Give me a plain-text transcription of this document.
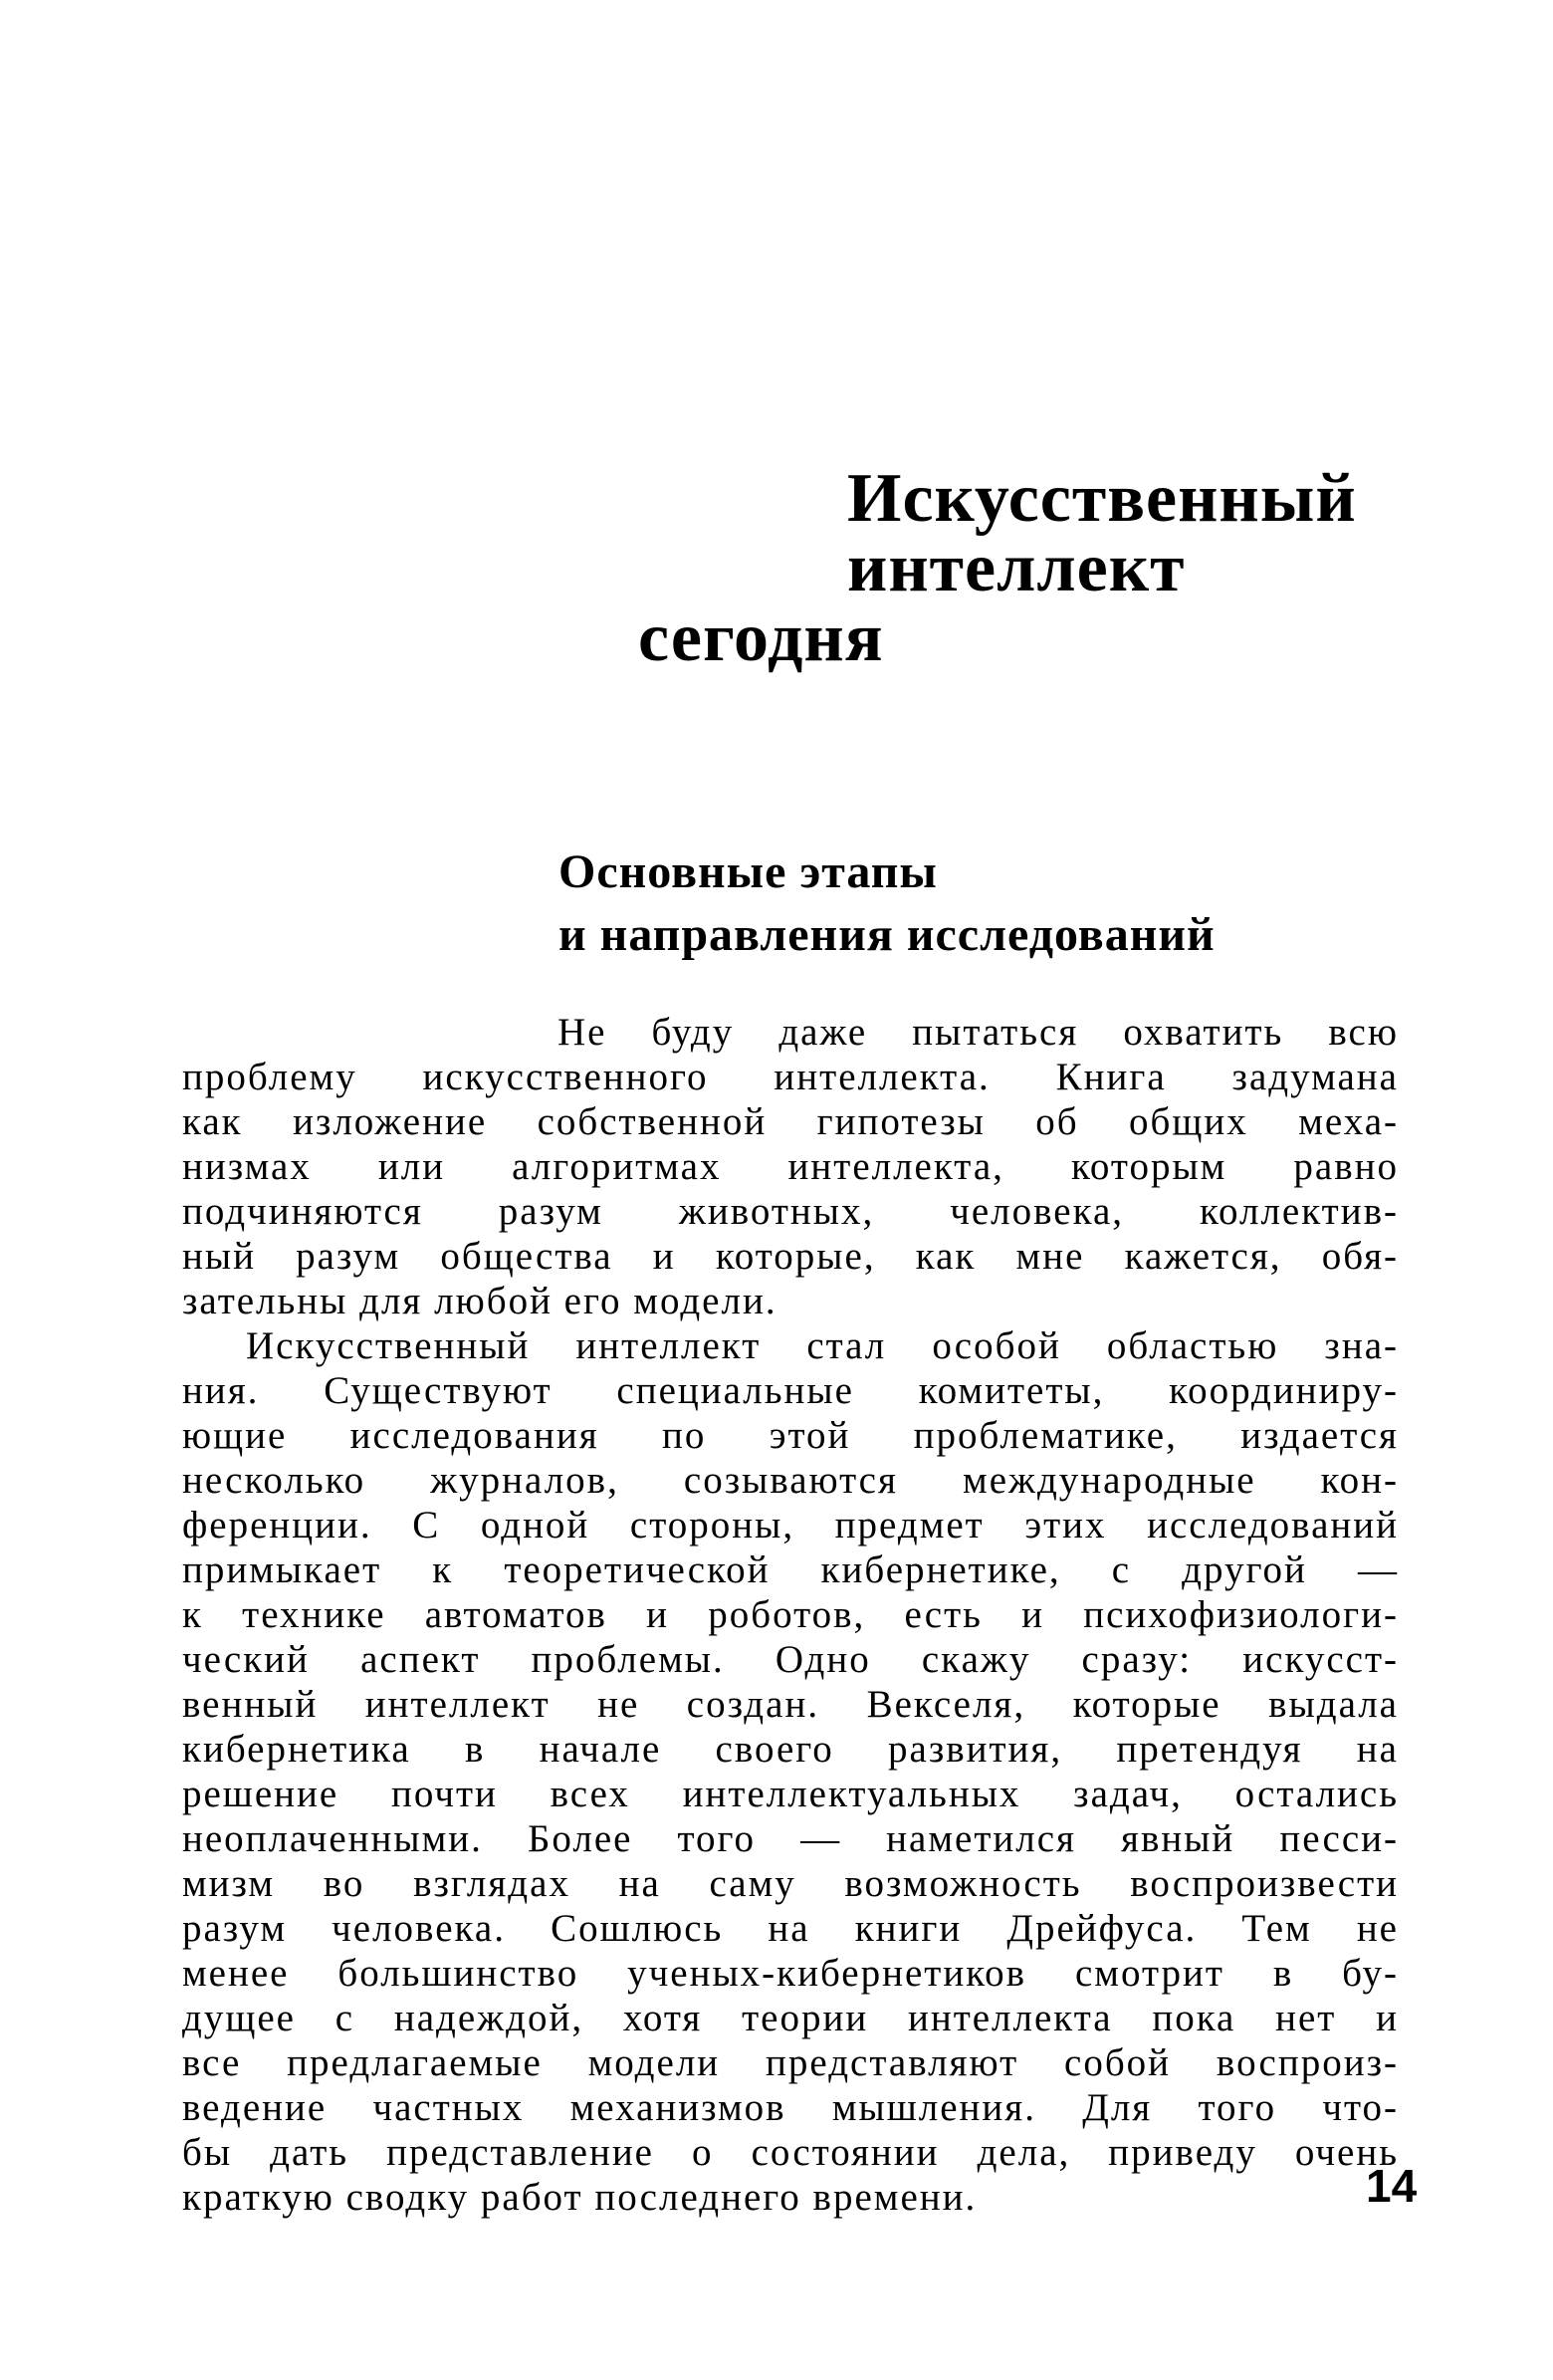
Искусственный
интеллект
сегодня
Основные этапы
и направления исследований
Не буду даже пытаться охватить всю
проблему искусственного интеллекта. Книга задумана
как изложение собственной гипотезы об общих меха-
низмах или алгоритмах интеллекта, которым равно
подчиняются разум животных, человека, коллектив-
ный разум общества и которые, как мне кажется, обя-
зательны для любой его модели.
Искусственный интеллект стал особой областью зна-
ния. Существуют специальные комитеты, координиру-
ющие исследования по этой проблематике, издается
несколько журналов, созываются международные кон-
ференции. С одной стороны, предмет этих исследований
примыкает к теоретической кибернетике, с другой —
к технике автоматов и роботов, есть и психофизиологи-
ческий аспект проблемы. Одно скажу сразу: искусст-
венный интеллект не создан. Векселя, которые выдала
кибернетика в начале своего развития, претендуя на
решение почти всех интеллектуальных задач, остались
неоплаченными. Более того — наметился явный песси-
мизм во взглядах на саму возможность воспроизвести
разум человека. Сошлюсь на книги Дрейфуса. Тем не
менее большинство ученых-кибернетиков смотрит в бу-
дущее с надеждой, хотя теории интеллекта пока нет и
все предлагаемые модели представляют собой воспроиз-
ведение частных механизмов мышления. Для того что-
бы дать представление о состоянии дела, приведу очень
краткую сводку работ последнего времени.	14
